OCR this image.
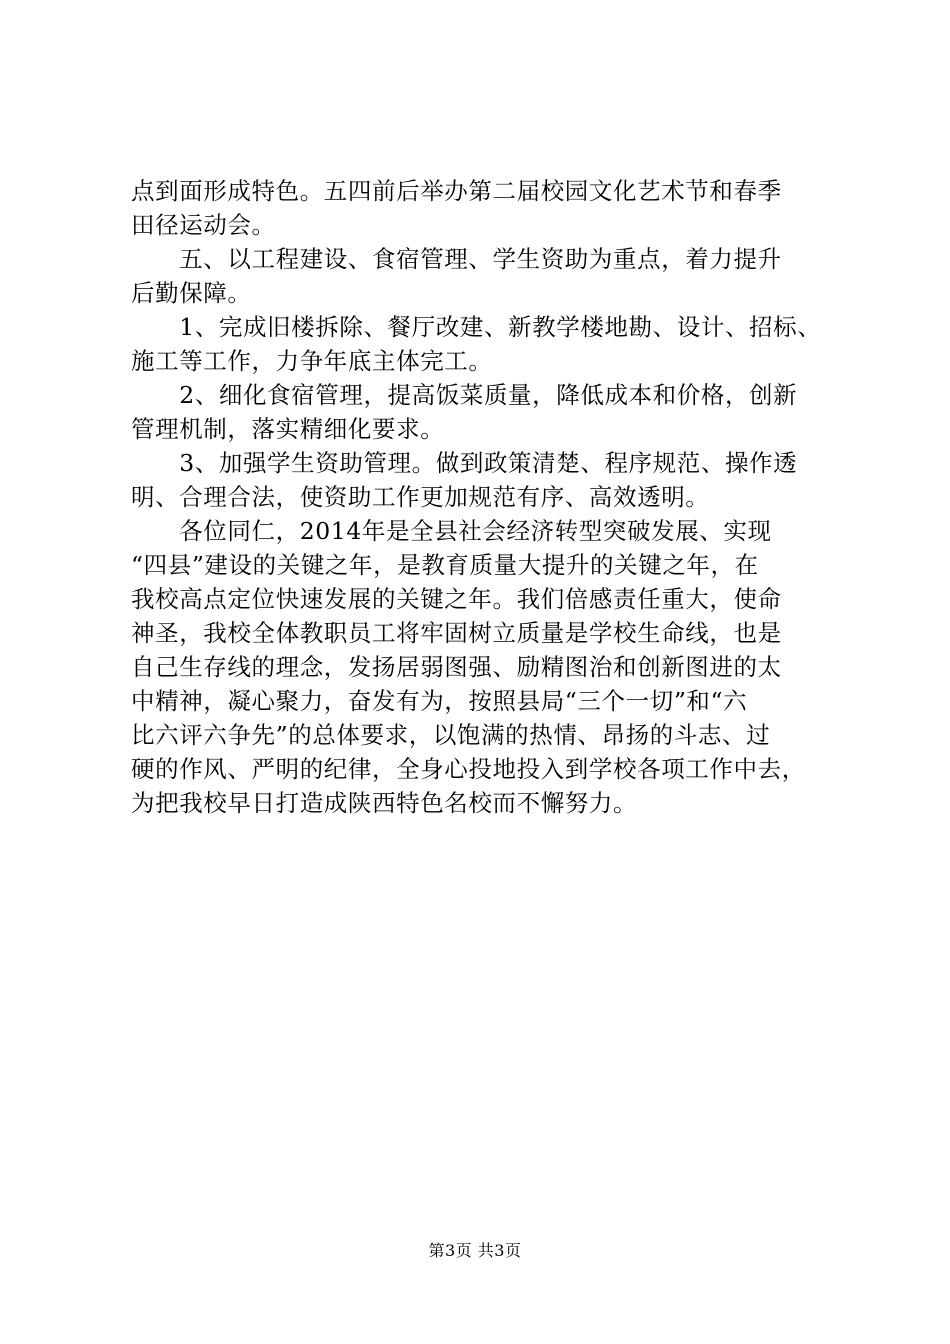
点到面形成特色。五四前后举办第二届校园文化艺术节和春季
田径运动会。
　　五、以工程建设、食宿管理、学生资助为重点，着力提升
后勤保障。
　　1、完成旧楼拆除、餐厅改建、新教学楼地勘、设计、招标、
施工等工作，力争年底主体完工。
　　2、细化食宿管理，提高饭菜质量，降低成本和价格，创新
管理机制，落实精细化要求。
　　3、加强学生资助管理。做到政策清楚、程序规范、操作透
明、合理合法，使资助工作更加规范有序、高效透明。
　　各位同仁，2014年是全县社会经济转型突破发展、实现
“四县”建设的关键之年，是教育质量大提升的关键之年，在
我校高点定位快速发展的关键之年。我们倍感责任重大，使命
神圣，我校全体教职员工将牢固树立质量是学校生命线，也是
自己生存线的理念，发扬居弱图强、励精图治和创新图进的太
中精神，凝心聚力，奋发有为，按照县局“三个一切”和“六
比六评六争先”的总体要求，以饱满的热情、昂扬的斗志、过
硬的作风、严明的纪律，全身心投地投入到学校各项工作中去，
为把我校早日打造成陕西特色名校而不懈努力。
第3页 共3页
